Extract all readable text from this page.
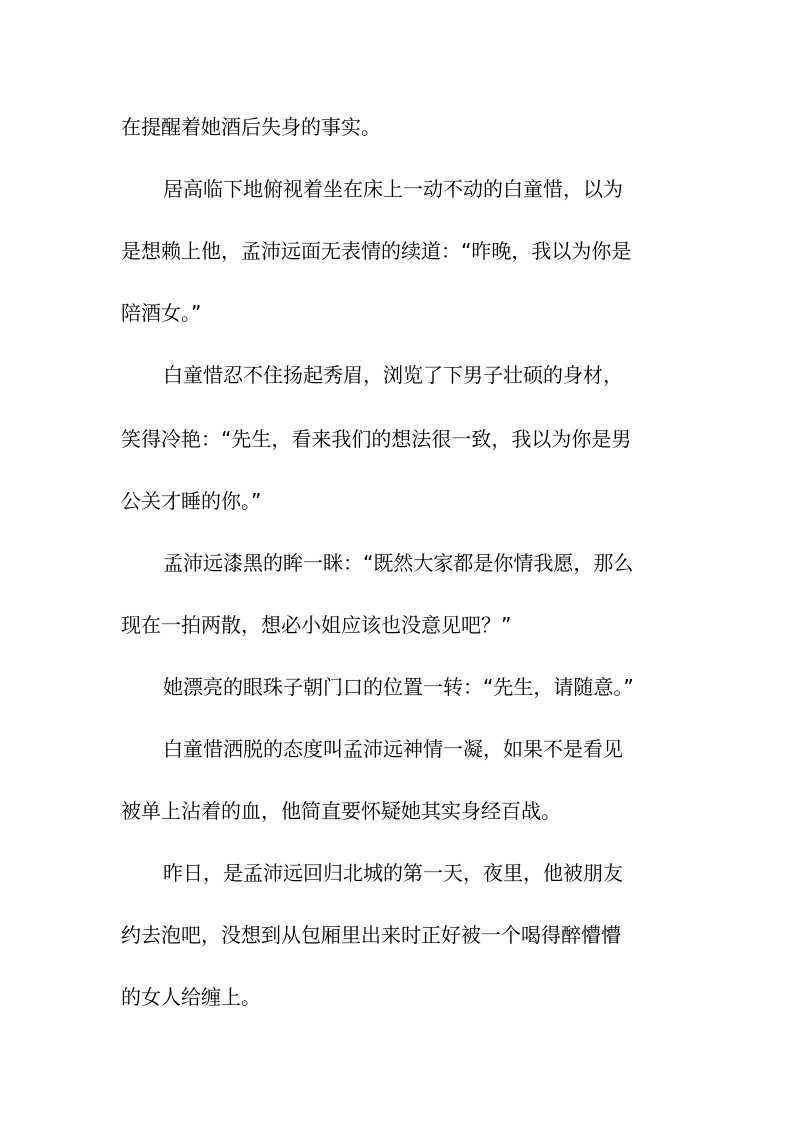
在提醒着她酒后失身的事实。

居高临下地俯视着坐在床上一动不动的白童惜，以为

是想赖上他，孟沛远面无表情的续道：“昨晚，我以为你是

陪酒女。”

白童惜忍不住扬起秀眉，浏览了下男子壮硕的身材，

笑得冷艳：“先生，看来我们的想法很一致，我以为你是男

公关才睡的你。”

孟沛远漆黑的眸一眯：“既然大家都是你情我愿，那么

现在一拍两散，想必小姐应该也没意见吧？”

她漂亮的眼珠子朝门口的位置一转：“先生，请随意。”

白童惜洒脱的态度叫孟沛远神情一凝，如果不是看见

被单上沾着的血，他简直要怀疑她其实身经百战。

昨日，是孟沛远回归北城的第一天，夜里，他被朋友

约去泡吧，没想到从包厢里出来时正好被一个喝得醉懵懵

的女人给缠上。
